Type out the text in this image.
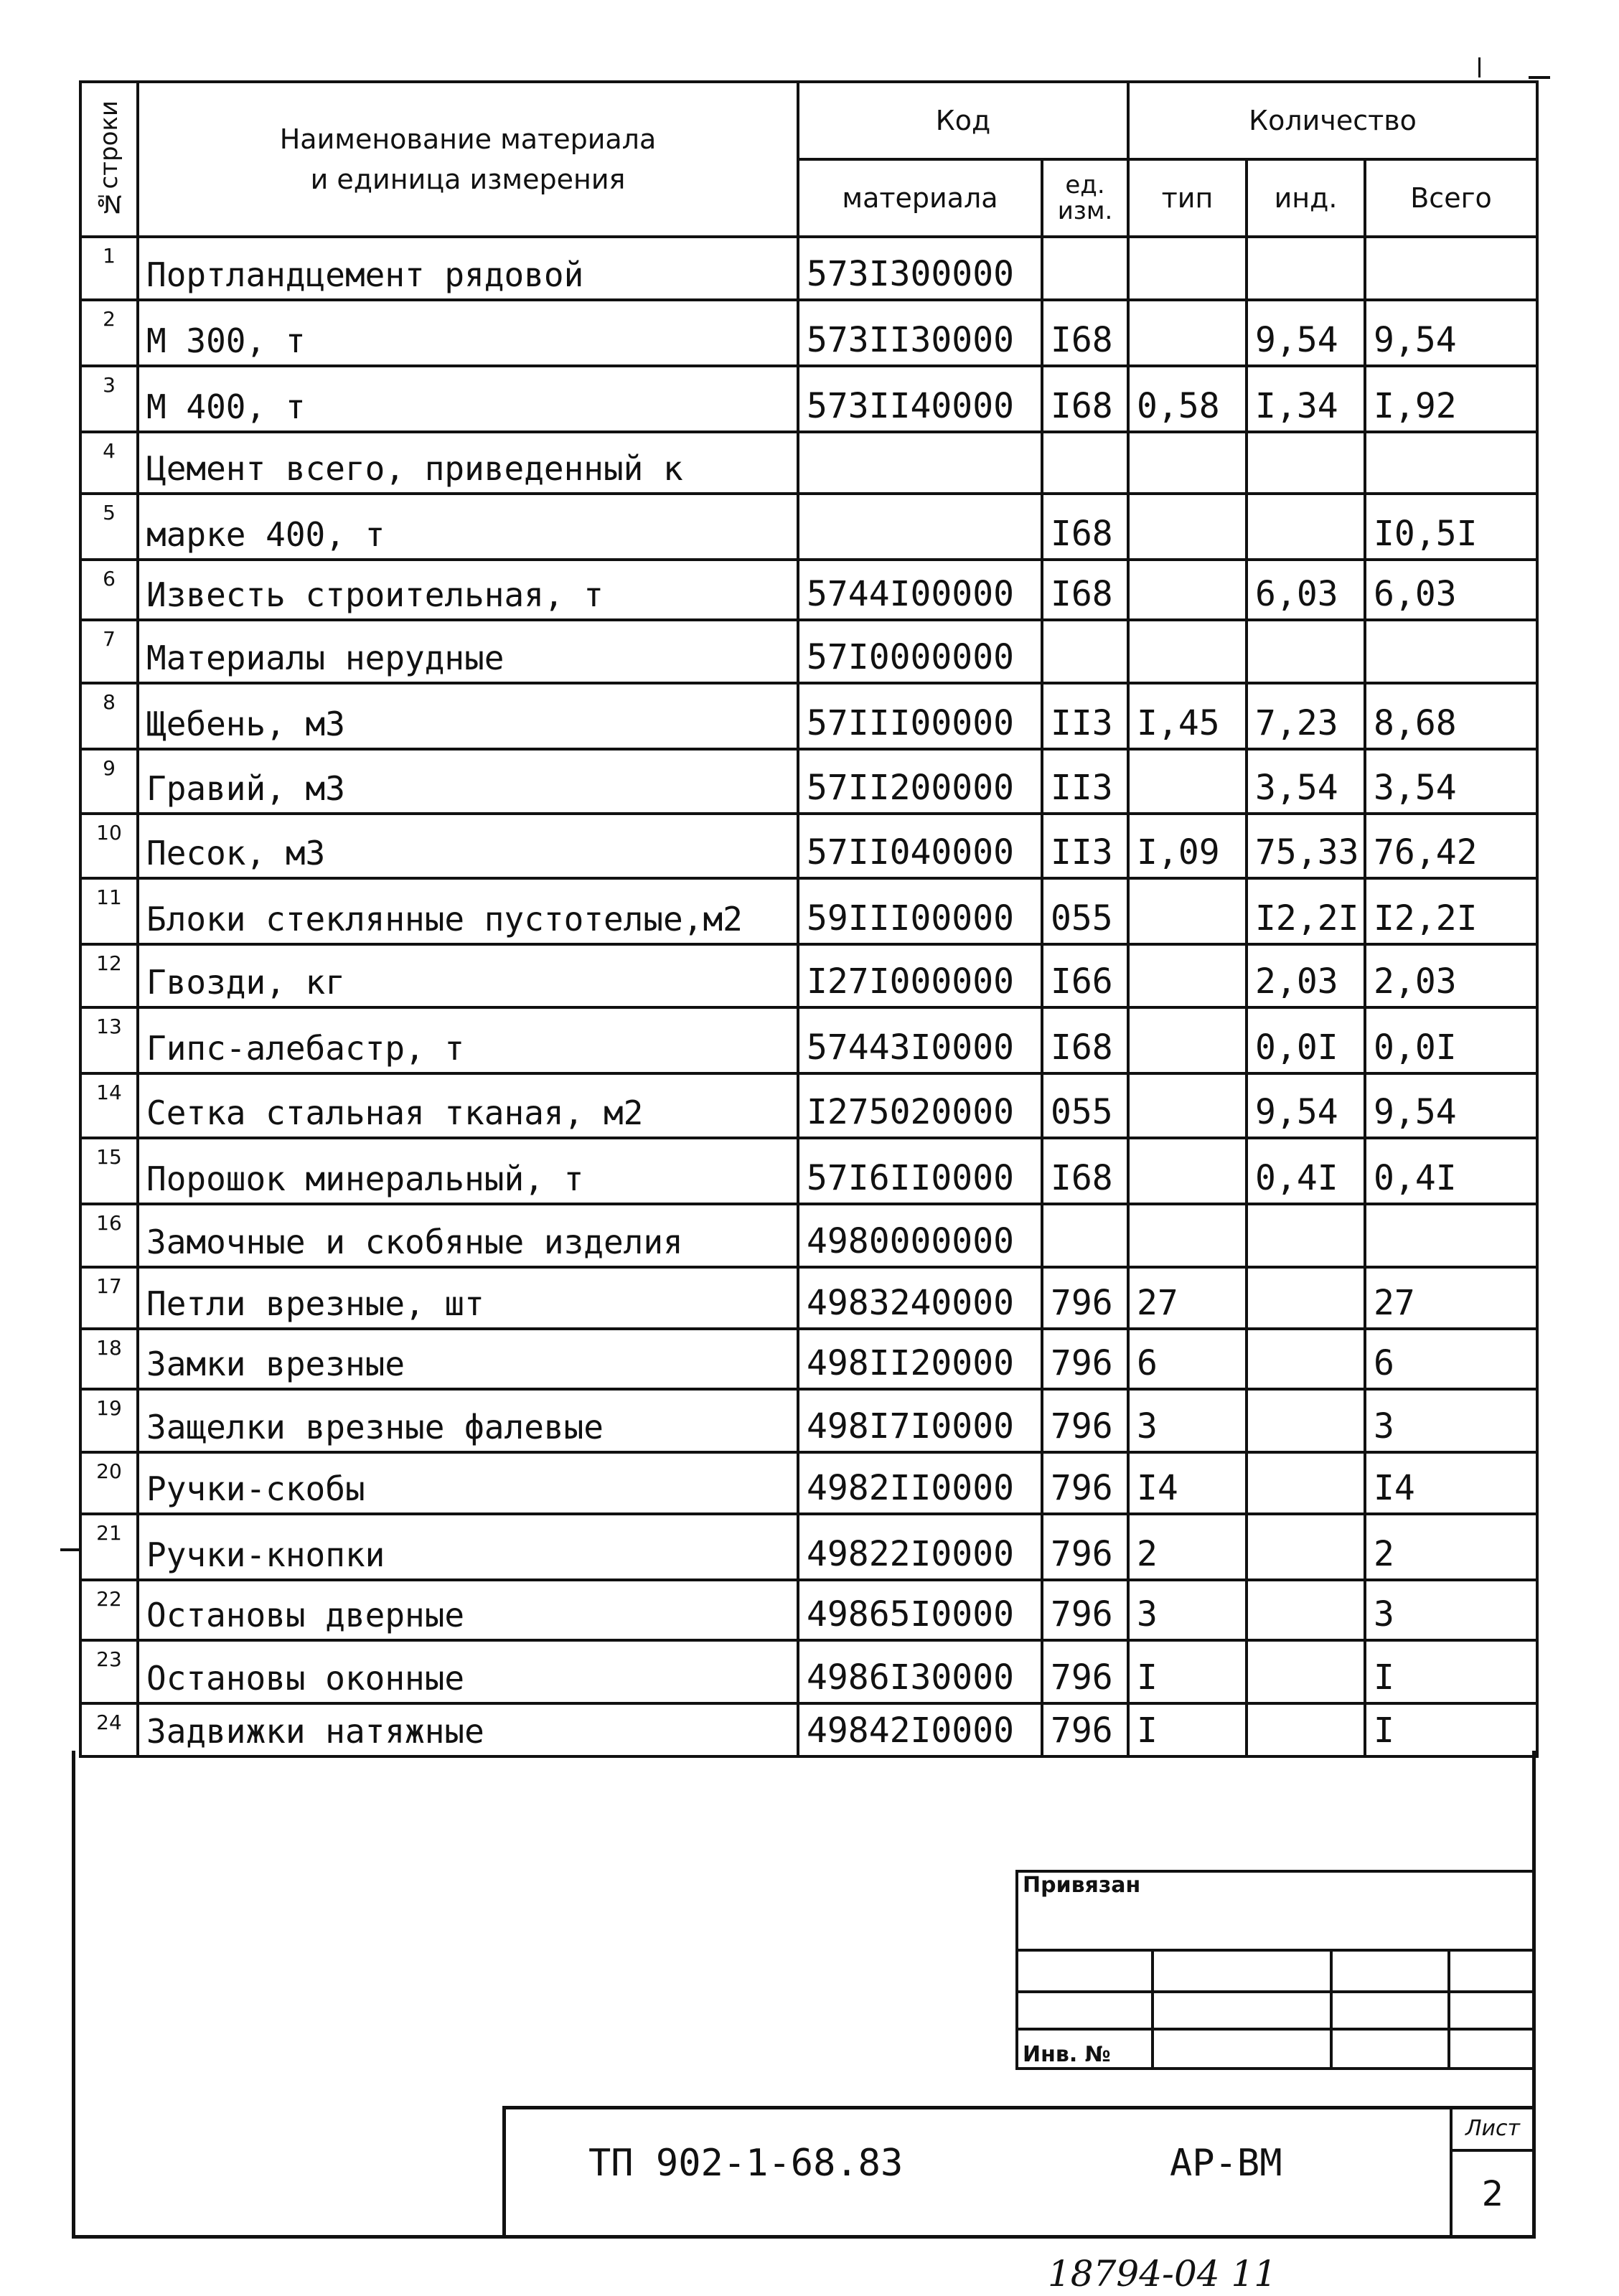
№строки	Наименование материала
и единица измерения	Код		Количество		
		материала	ед. изм.	тип	инд.	Всего
1	Портландцемент рядовой	573I300000				
2	М 300, т	573II30000	I68		9,54	9,54
3	М 400, т	573II40000	I68	0,58	I,34	I,92
4	Цемент всего, приведенный к					
5	марке 400, т		I68			I0,5I
6	Известь строительная, т	5744I00000	I68		6,03	6,03
7	Материалы нерудные	57I0000000				
8	Щебень, м3	57III00000	II3	I,45	7,23	8,68
9	Гравий, м3	57II200000	II3		3,54	3,54
10	Песок, м3	57II040000	II3	I,09	75,33	76,42
11	Блоки стеклянные пустотелые,м2	59III00000	055		I2,2I	I2,2I
12	Гвозди, кг	I27I000000	I66		2,03	2,03
13	Гипс-алебастр, т	57443I0000	I68		0,0I	0,0I
14	Сетка стальная тканая, м2	I275020000	055		9,54	9,54
15	Порошок минеральный, т	57I6II0000	I68		0,4I	0,4I
16	Замочные и скобяные изделия	4980000000				
17	Петли врезные, шт	4983240000	796	27		27
18	Замки врезные	498II20000	796	6		6
19	Защелки врезные фалевые	498I7I0000	796	3		3
20	Ручки-скобы	4982II0000	796	I4		I4
21	Ручки-кнопки	49822I0000	796	2		2
22	Остановы дверные	49865I0000	796	3		3
23	Остановы оконные	4986I30000	796	I		I
24	Задвижки натяжные	49842I0000	796	I		I
Привязан			

Инв. №			
ТП 902-1-68.83	АР-ВМ
Лист
2
18794-04 11
